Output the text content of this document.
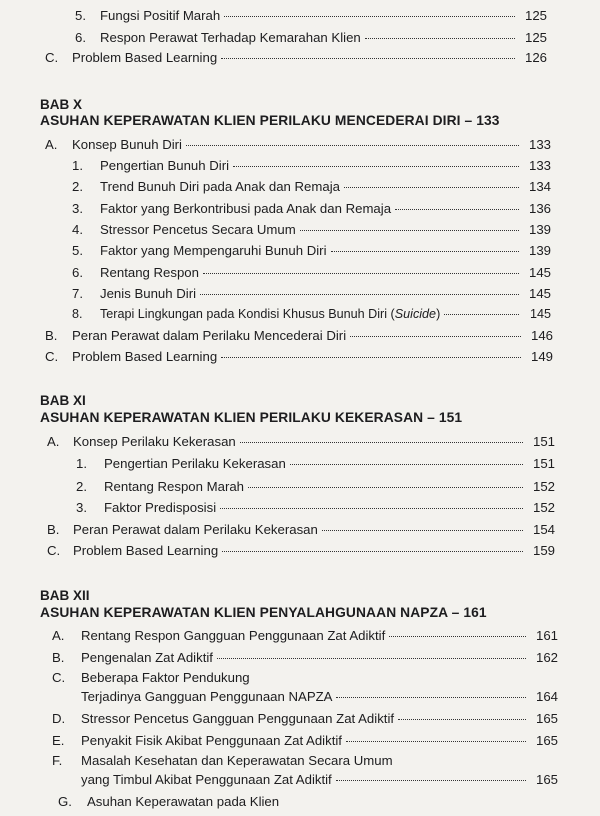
5.	Fungsi Positif Marah	125
6.	Respon Perawat Terhadap Kemarahan Klien	125
C.	Problem Based Learning	126
BAB X
ASUHAN KEPERAWATAN KLIEN PERILAKU MENCEDERAI DIRI – 133
A.	Konsep Bunuh Diri	133
1.	Pengertian Bunuh Diri	133
2.	Trend Bunuh Diri pada Anak dan Remaja	134
3.	Faktor yang Berkontribusi pada Anak dan Remaja	136
4.	Stressor Pencetus Secara Umum	139
5.	Faktor yang Mempengaruhi Bunuh Diri	139
6.	Rentang Respon	145
7.	Jenis Bunuh Diri	145
8.	Terapi Lingkungan pada Kondisi Khusus Bunuh Diri (Suicide)	145
B.	Peran Perawat dalam Perilaku Mencederai Diri	146
C.	Problem Based Learning	149
BAB XI
ASUHAN KEPERAWATAN KLIEN PERILAKU KEKERASAN – 151
A.	Konsep Perilaku Kekerasan	151
1.	Pengertian Perilaku Kekerasan	151
2.	Rentang Respon Marah	152
3.	Faktor Predisposisi	152
B.	Peran Perawat dalam Perilaku Kekerasan	154
C. Problem Based Learning	159
BAB XII
ASUHAN KEPERAWATAN KLIEN PENYALAHGUNAAN NAPZA – 161
A.	Rentang Respon Gangguan Penggunaan Zat Adiktif	161
B.	Pengenalan Zat Adiktif	162
C. Beberapa Faktor Pendukung
Terjadinya Gangguan Penggunaan NAPZA	164
D.	Stressor Pencetus Gangguan Penggunaan Zat Adiktif	165
E.	Penyakit Fisik Akibat Penggunaan Zat Adiktif	165
F. Masalah Kesehatan dan Keperawatan Secara Umum
yang Timbul Akibat Penggunaan Zat Adiktif	165
G. Asuhan Keperawatan pada Klien
